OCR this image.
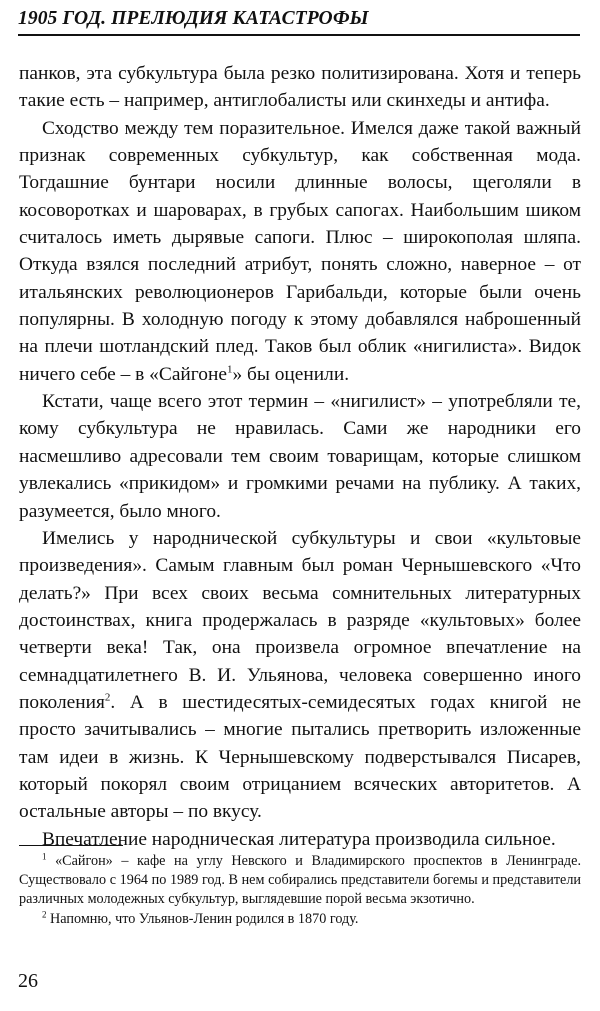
1905 ГОД. ПРЕЛЮДИЯ КАТАСТРОФЫ

панков, эта субкультура была резко политизирована. Хотя и теперь такие есть – например, антиглобалисты или скинхеды и антифа.

Сходство между тем поразительное. Имелся даже такой важный признак современных субкультур, как собственная мода. Тогдашние бунтари носили длинные волосы, щеголяли в косоворотках и шароварах, в грубых сапогах. Наибольшим шиком считалось иметь дырявые сапоги. Плюс – широкополая шляпа. Откуда взялся последний атрибут, понять сложно, наверное – от итальянских революционеров Гарибальди, которые были очень популярны. В холодную погоду к этому добавлялся наброшенный на плечи шотландский плед. Таков был облик «нигилиста». Видок ничего себе – в «Сайгоне$^1$» бы оценили.

Кстати, чаще всего этот термин – «нигилист» – употребляли те, кому субкультура не нравилась. Сами же народники его насмешливо адресовали тем своим товарищам, которые слишком увлекались «прикидом» и громкими речами на публику. А таких, разумеется, было много.

Имелись у народнической субкультуры и свои «культовые произведения». Самым главным был роман Чернышевского «Что делать?» При всех своих весьма сомнительных литературных достоинствах, книга продержалась в разряде «культовых» более четверти века! Так, она произвела огромное впечатление на семнадцатилетнего В. И. Ульянова, человека совершенно иного поколения$^2$. А в шестидесятых-семидесятых годах книгой не просто зачитывались – многие пытались претворить изложенные там идеи в жизнь. К Чернышевскому подверстывался Писарев, который покорял своим отрицанием всяческих авторитетов. А остальные авторы – по вкусу.

Впечатление народническая литература производила сильное.

$^1$ «Сайгон» – кафе на углу Невского и Владимирского проспектов в Ленинграде. Существовало с 1964 по 1989 год. В нем собирались представители богемы и представители различных молодежных субкультур, выглядевшие порой весьма экзотично.

$^2$ Напомню, что Ульянов-Ленин родился в 1870 году.

26
